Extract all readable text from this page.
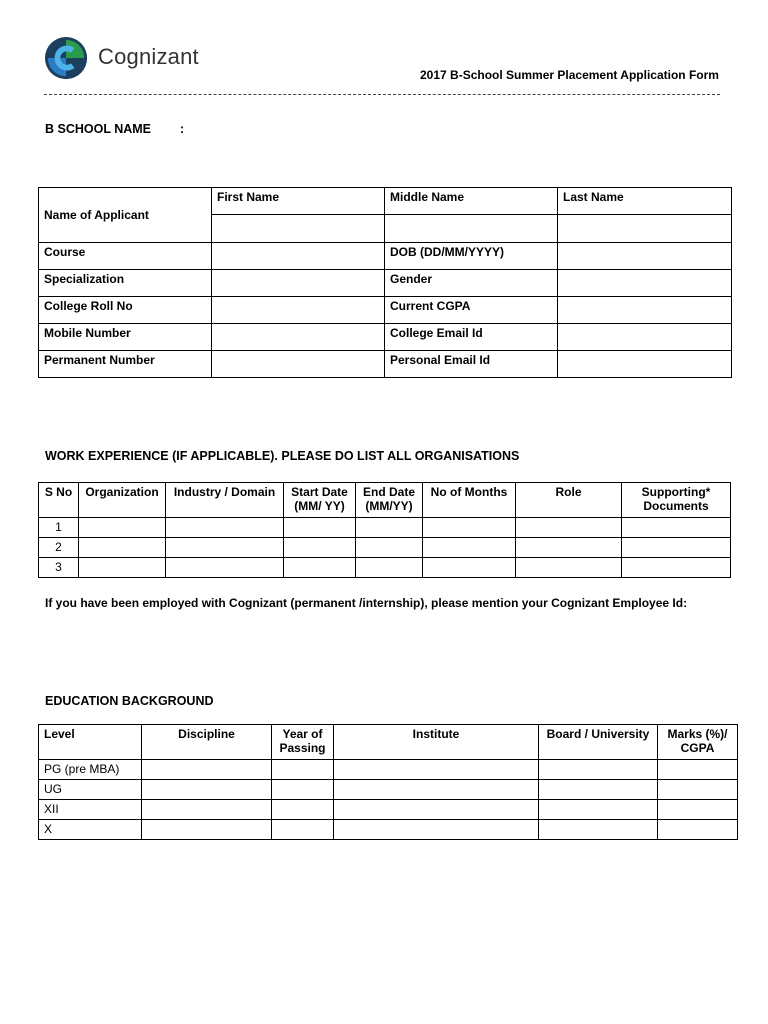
Cognizant
2017 B-School Summer Placement Application Form
B SCHOOL NAME :
Name of Applicant	First Name	Middle Name	Last Name

Course		DOB (DD/MM/YYYY)	
Specialization		Gender	
College Roll No		Current CGPA	
Mobile Number		College Email Id	
Permanent Number		Personal Email Id	
WORK EXPERIENCE (IF APPLICABLE). PLEASE DO LIST ALL ORGANISATIONS
S No	Organization	Industry / Domain	Start Date (MM/ YY)	End Date (MM/YY)	No of Months	Role	Supporting* Documents
1							
2							
3							
If you have been employed with Cognizant (permanent /internship), please mention your Cognizant Employee Id:
EDUCATION BACKGROUND
Level	Discipline	Year of Passing	Institute	Board / University	Marks (%)/ CGPA
PG (pre MBA)					
UG					
XII					
X					
